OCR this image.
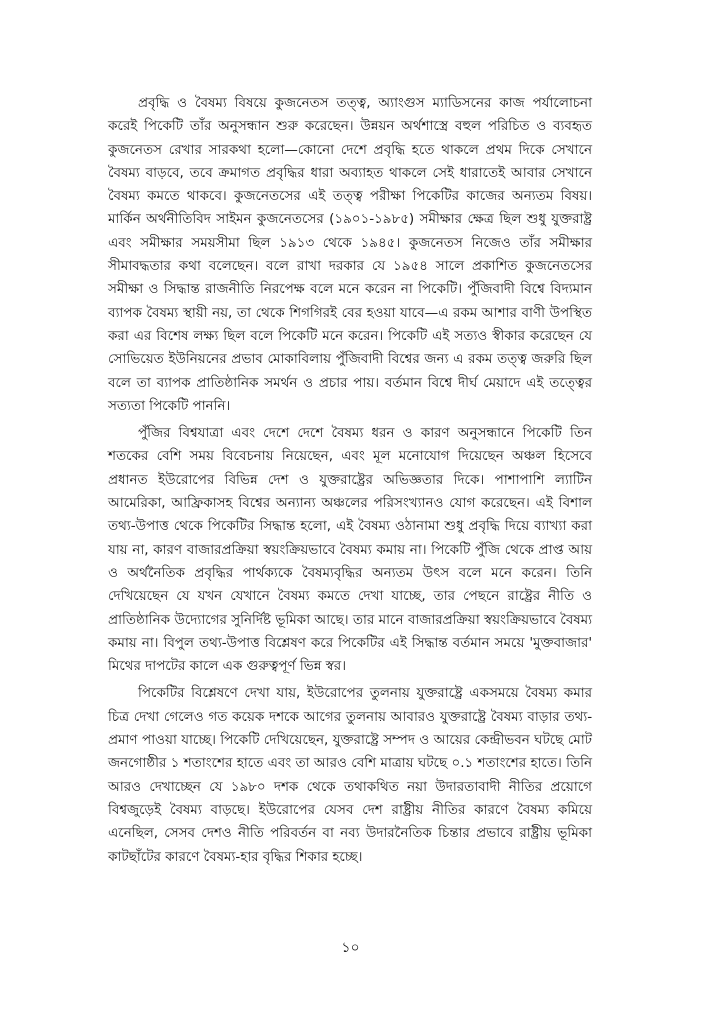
প্রবৃদ্ধি ও বৈষম্য বিষয়ে কুজনেতস তত্ত্ব, অ্যাংগুস ম্যাডিসনের কাজ পর্যালোচনা করেই পিকেটি তাঁর অনুসন্ধান শুরু করেছেন। উন্নয়ন অর্থশাস্ত্রে বহুল পরিচিত ও ব্যবহৃত কুজনেতস রেখার সারকথা হলো—কোনো দেশে প্রবৃদ্ধি হতে থাকলে প্রথম দিকে সেখানে বৈষম্য বাড়বে, তবে ক্রমাগত প্রবৃদ্ধির ধারা অব্যাহত থাকলে সেই ধারাতেই আবার সেখানে বৈষম্য কমতে থাকবে। কুজনেতসের এই তত্ত্ব পরীক্ষা পিকেটির কাজের অন্যতম বিষয়। মার্কিন অর্থনীতিবিদ সাইমন কুজনেতসের (১৯০১-১৯৮৫) সমীক্ষার ক্ষেত্র ছিল শুধু যুক্তরাষ্ট্র এবং সমীক্ষার সময়সীমা ছিল ১৯১৩ থেকে ১৯৪৫। কুজনেতস নিজেও তাঁর সমীক্ষার সীমাবদ্ধতার কথা বলেছেন। বলে রাখা দরকার যে ১৯৫৪ সালে প্রকাশিত কুজনেতসের সমীক্ষা ও সিদ্ধান্ত রাজনীতি নিরপেক্ষ বলে মনে করেন না পিকেটি। পুঁজিবাদী বিশ্বে বিদ্যমান ব্যাপক বৈষম্য স্থায়ী নয়, তা থেকে শিগগিরই বের হওয়া যাবে—এ রকম আশার বাণী উপস্থিত করা এর বিশেষ লক্ষ্য ছিল বলে পিকেটি মনে করেন। পিকেটি এই সত্যও স্বীকার করেছেন যে সোভিয়েত ইউনিয়নের প্রভাব মোকাবিলায় পুঁজিবাদী বিশ্বের জন্য এ রকম তত্ত্ব জরুরি ছিল বলে তা ব্যাপক প্রাতিষ্ঠানিক সমর্থন ও প্রচার পায়। বর্তমান বিশ্বে দীর্ঘ মেয়াদে এই তত্ত্বের সত্যতা পিকেটি পাননি।

পুঁজির বিশ্বযাত্রা এবং দেশে দেশে বৈষম্য ধরন ও কারণ অনুসন্ধানে পিকেটি তিন শতকের বেশি সময় বিবেচনায় নিয়েছেন, এবং মূল মনোযোগ দিয়েছেন অঞ্চল হিসেবে প্রধানত ইউরোপের বিভিন্ন দেশ ও যুক্তরাষ্ট্রের অভিজ্ঞতার দিকে। পাশাপাশি ল্যাটিন আমেরিকা, আফ্রিকাসহ বিশ্বের অন্যান্য অঞ্চলের পরিসংখ্যানও যোগ করেছেন। এই বিশাল তথ্য-উপাত্ত থেকে পিকেটির সিদ্ধান্ত হলো, এই বৈষম্য ওঠানামা শুধু প্রবৃদ্ধি দিয়ে ব্যাখ্যা করা যায় না, কারণ বাজারপ্রক্রিয়া স্বয়ংক্রিয়ভাবে বৈষম্য কমায় না। পিকেটি পুঁজি থেকে প্রাপ্ত আয় ও অর্থনৈতিক প্রবৃদ্ধির পার্থক্যকে বৈষম্যবৃদ্ধির অন্যতম উৎস বলে মনে করেন। তিনি দেখিয়েছেন যে যখন যেখানে বৈষম্য কমতে দেখা যাচ্ছে, তার পেছনে রাষ্ট্রের নীতি ও প্রাতিষ্ঠানিক উদ্যোগের সুনির্দিষ্ট ভূমিকা আছে। তার মানে বাজারপ্রক্রিয়া স্বয়ংক্রিয়ভাবে বৈষম্য কমায় না। বিপুল তথ্য-উপাত্ত বিশ্লেষণ করে পিকেটির এই সিদ্ধান্ত বর্তমান সময়ে 'মুক্তবাজার' মিথের দাপটের কালে এক গুরুত্বপূর্ণ ভিন্ন স্বর।

পিকেটির বিশ্লেষণে দেখা যায়, ইউরোপের তুলনায় যুক্তরাষ্ট্রে একসময়ে বৈষম্য কমার চিত্র দেখা গেলেও গত কয়েক দশকে আগের তুলনায় আবারও যুক্তরাষ্ট্রে বৈষম্য বাড়ার তথ্য-প্রমাণ পাওয়া যাচ্ছে। পিকেটি দেখিয়েছেন, যুক্তরাষ্ট্রে সম্পদ ও আয়ের কেন্দ্রীভবন ঘটছে মোট জনগোষ্ঠীর ১ শতাংশের হাতে এবং তা আরও বেশি মাত্রায় ঘটছে ০.১ শতাংশের হাতে। তিনি আরও দেখাচ্ছেন যে ১৯৮০ দশক থেকে তথাকথিত নয়া উদারতাবাদী নীতির প্রয়োগে বিশ্বজুড়েই বৈষম্য বাড়ছে। ইউরোপের যেসব দেশ রাষ্ট্রীয় নীতির কারণে বৈষম্য কমিয়ে এনেছিল, সেসব দেশও নীতি পরিবর্তন বা নব্য উদারনৈতিক চিন্তার প্রভাবে রাষ্ট্রীয় ভূমিকা কাটছাঁটের কারণে বৈষম্য-হার বৃদ্ধির শিকার হচ্ছে।

১০
